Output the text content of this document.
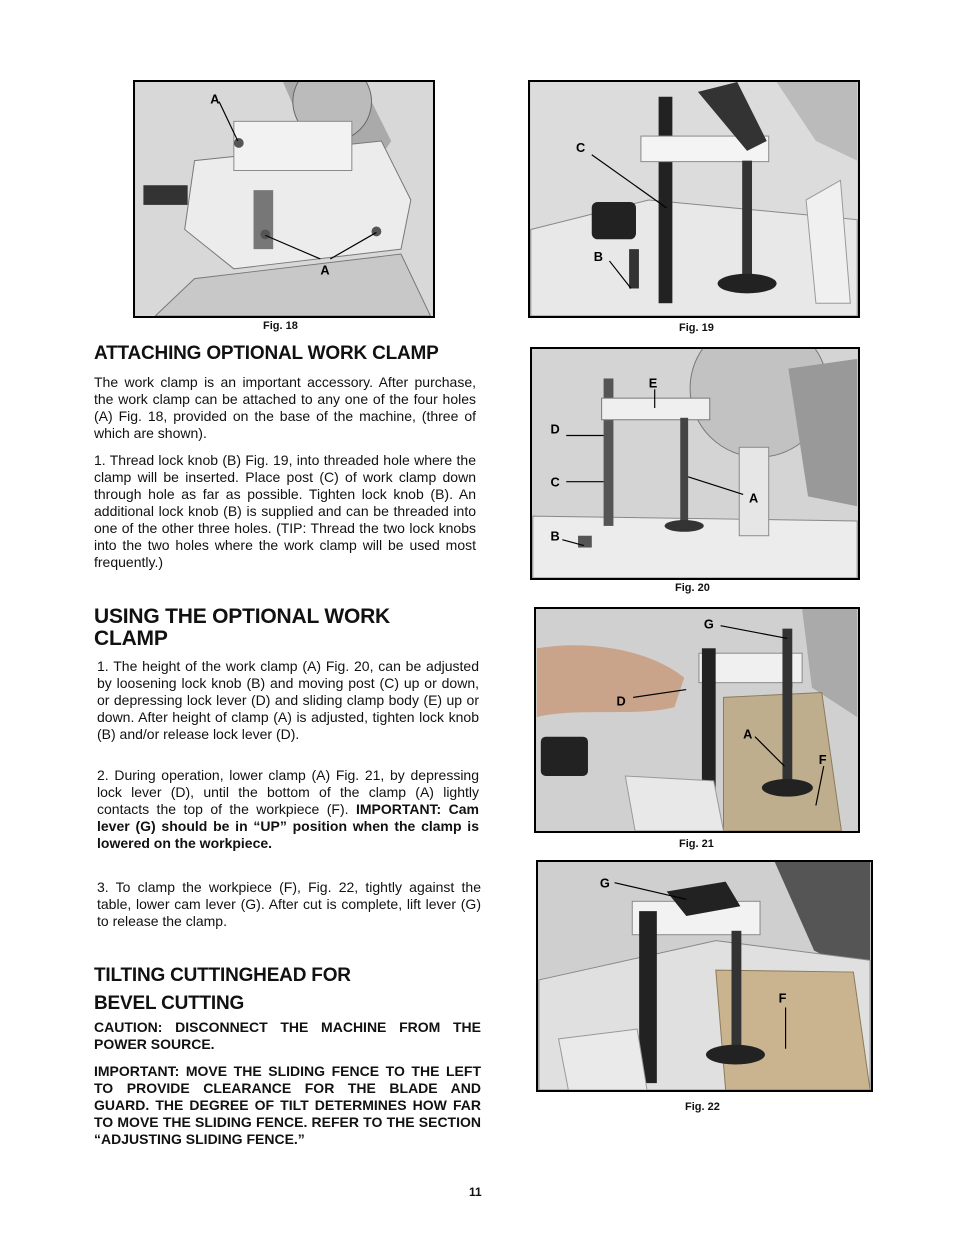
A
A
Fig. 18
C
B
Fig. 19
E
D
C
A
B
Fig. 20
G
D
A
F
Fig. 21
G
F
Fig. 22
ATTACHING OPTIONAL WORK CLAMP

The work clamp is an important accessory. After purchase, the work clamp can be attached to any one of the four holes (A) Fig. 18, provided on the base of the machine, (three of which are shown).

1. Thread lock knob (B) Fig. 19, into threaded hole where the clamp will be inserted. Place post (C) of work clamp down through hole as far as possible. Tighten lock knob (B). An additional lock knob (B) is supplied and can be threaded into one of the other three holes. (TIP: Thread the two lock knobs into the two holes where the work clamp will be used most frequently.)

USING THE OPTIONAL WORK
CLAMP

1. The height of the work clamp (A) Fig. 20, can be adjusted by loosening lock knob (B) and moving post (C) up or down, or depressing lock lever (D) and sliding clamp body (E) up or down. After height of clamp (A) is adjusted, tighten lock knob (B) and/or release lock lever (D).

2. During operation, lower clamp (A) Fig. 21, by depressing lock lever (D), until the bottom of the clamp (A) lightly contacts the top of the workpiece (F). IMPORTANT: Cam lever (G) should be in “UP” position when the clamp is lowered on the workpiece.

3. To clamp the workpiece (F), Fig. 22, tightly against the table, lower cam lever (G). After cut is complete, lift lever (G) to release the clamp.

TILTING CUTTINGHEAD FOR
BEVEL CUTTING

CAUTION: DISCONNECT THE MACHINE FROM THE POWER SOURCE.

IMPORTANT: MOVE THE SLIDING FENCE TO THE LEFT TO PROVIDE CLEARANCE FOR THE BLADE AND GUARD. THE DEGREE OF TILT DETERMINES HOW FAR TO MOVE THE SLIDING FENCE. REFER TO THE SECTION “ADJUSTING SLIDING FENCE.”

11
